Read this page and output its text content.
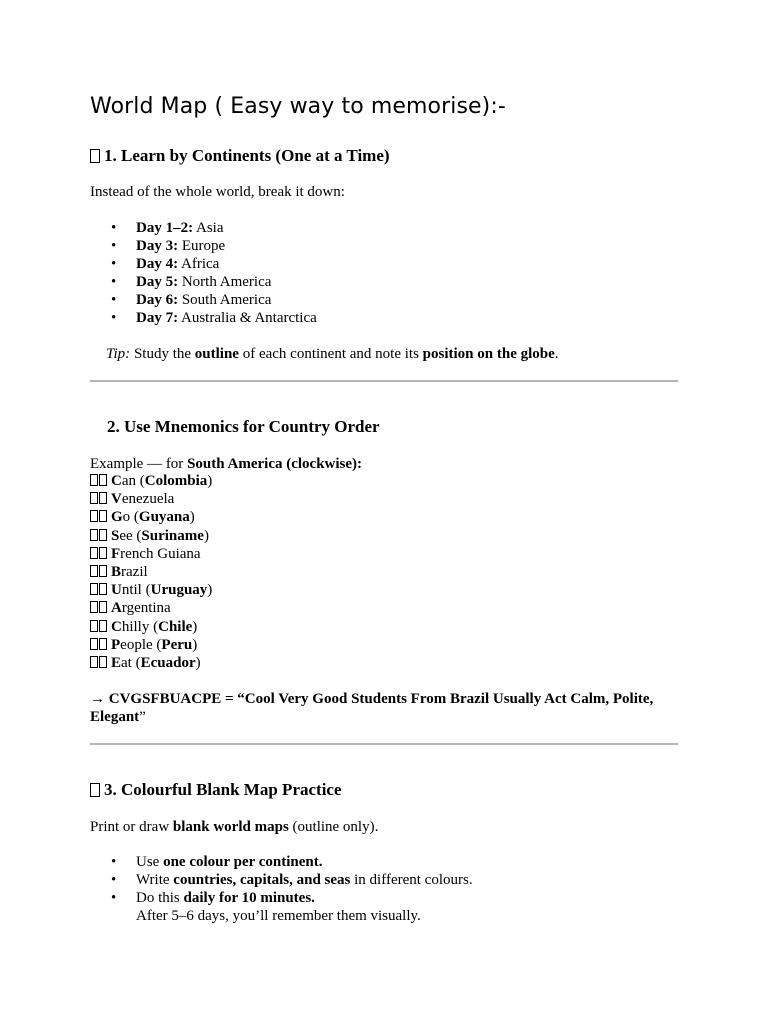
World Map ( Easy way to memorise):-
1. Learn by Continents (One at a Time)

Instead of the whole world, break it down:

• Day 1–2: Asia
• Day 3: Europe
• Day 4: Africa
• Day 5: North America
• Day 6: South America
• Day 7: Australia & Antarctica

Tip: Study the outline of each continent and note its position on the globe.

2. Use Mnemonics for Country Order

Example — for South America (clockwise):

Can (Colombia)
Venezuela
Go (Guyana)
See (Suriname)
French Guiana
Brazil
Until (Uruguay)
Argentina
Chilly (Chile)
People (Peru)
Eat (Ecuador)

→ CVGSFBUACPE = “Cool Very Good Students From Brazil Usually Act Calm, Polite, Elegant”

3. Colourful Blank Map Practice

Print or draw blank world maps (outline only).

• Use one colour per continent.
• Write countries, capitals, and seas in different colours.
• Do this daily for 10 minutes.
After 5–6 days, you’ll remember them visually.
